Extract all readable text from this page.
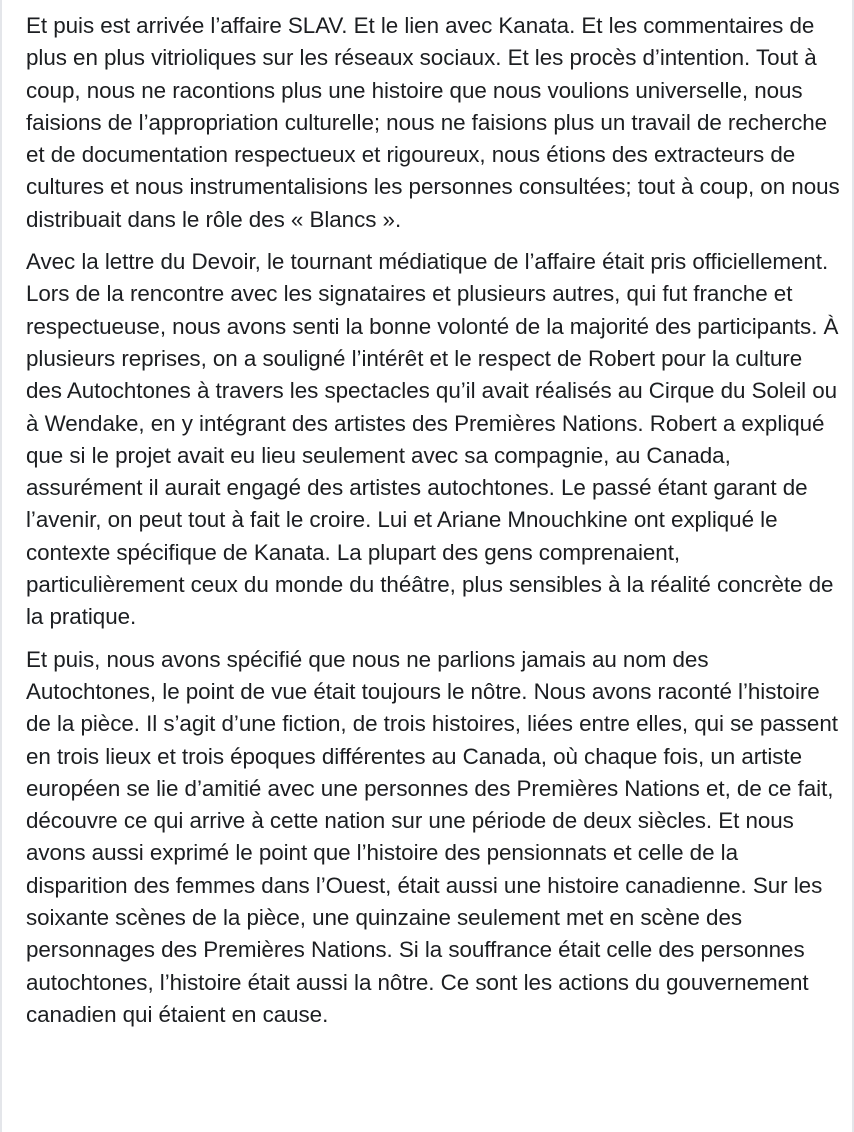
Et puis est arrivée l’affaire SLAV. Et le lien avec Kanata. Et les commentaires de plus en plus vitrioliques sur les réseaux sociaux. Et les procès d’intention. Tout à coup, nous ne racontions plus une histoire que nous voulions universelle, nous faisions de l’appropriation culturelle; nous ne faisions plus un travail de recherche et de documentation respectueux et rigoureux, nous étions des extracteurs de cultures et nous instrumentalisions les personnes consultées; tout à coup, on nous distribuait dans le rôle des « Blancs ».

Avec la lettre du Devoir, le tournant médiatique de l’affaire était pris officiellement. Lors de la rencontre avec les signataires et plusieurs autres, qui fut franche et respectueuse, nous avons senti la bonne volonté de la majorité des participants. À plusieurs reprises, on a souligné l’intérêt et le respect de Robert pour la culture des Autochtones à travers les spectacles qu’il avait réalisés au Cirque du Soleil ou à Wendake, en y intégrant des artistes des Premières Nations. Robert a expliqué que si le projet avait eu lieu seulement avec sa compagnie, au Canada, assurément il aurait engagé des artistes autochtones. Le passé étant garant de l’avenir, on peut tout à fait le croire. Lui et Ariane Mnouchkine ont expliqué le contexte spécifique de Kanata. La plupart des gens comprenaient, particulièrement ceux du monde du théâtre, plus sensibles à la réalité concrète de la pratique.

Et puis, nous avons spécifié que nous ne parlions jamais au nom des Autochtones, le point de vue était toujours le nôtre. Nous avons raconté l’histoire de la pièce. Il s’agit d’une fiction, de trois histoires, liées entre elles, qui se passent en trois lieux et trois époques différentes au Canada, où chaque fois, un artiste européen se lie d’amitié avec une personnes des Premières Nations et, de ce fait, découvre ce qui arrive à cette nation sur une période de deux siècles. Et nous avons aussi exprimé le point que l’histoire des pensionnats et celle de la disparition des femmes dans l’Ouest, était aussi une histoire canadienne. Sur les soixante scènes de la pièce, une quinzaine seulement met en scène des personnages des Premières Nations. Si la souffrance était celle des personnes autochtones, l’histoire était aussi la nôtre. Ce sont les actions du gouvernement canadien qui étaient en cause.
